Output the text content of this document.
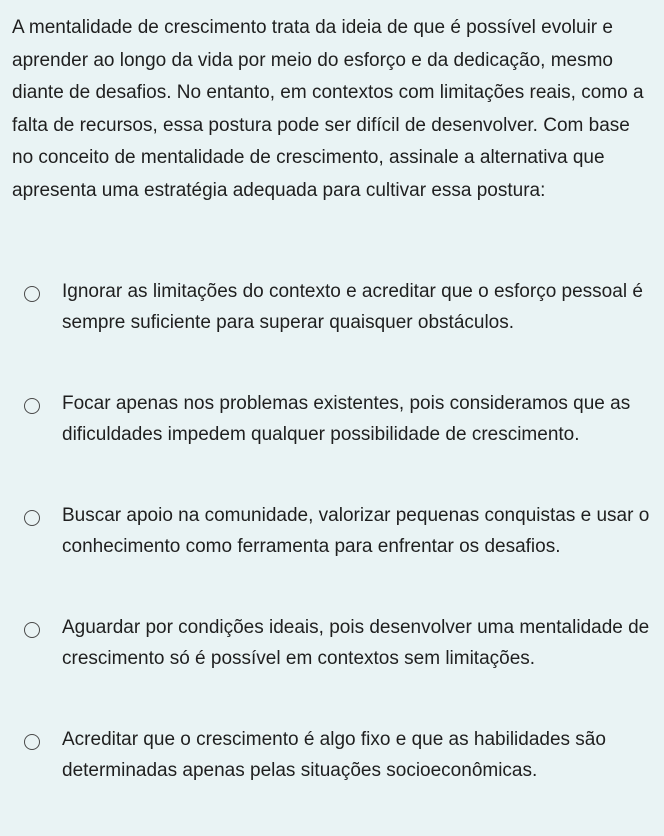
A mentalidade de crescimento trata da ideia de que é possível evoluir e aprender ao longo da vida por meio do esforço e da dedicação, mesmo diante de desafios. No entanto, em contextos com limitações reais, como a falta de recursos, essa postura pode ser difícil de desenvolver. Com base no conceito de mentalidade de crescimento, assinale a alternativa que apresenta uma estratégia adequada para cultivar essa postura:

Ignorar as limitações do contexto e acreditar que o esforço pessoal é sempre suficiente para superar quaisquer obstáculos.

Focar apenas nos problemas existentes, pois consideramos que as dificuldades impedem qualquer possibilidade de crescimento.

Buscar apoio na comunidade, valorizar pequenas conquistas e usar o conhecimento como ferramenta para enfrentar os desafios.

Aguardar por condições ideais, pois desenvolver uma mentalidade de crescimento só é possível em contextos sem limitações.

Acreditar que o crescimento é algo fixo e que as habilidades são determinadas apenas pelas situações socioeconômicas.
